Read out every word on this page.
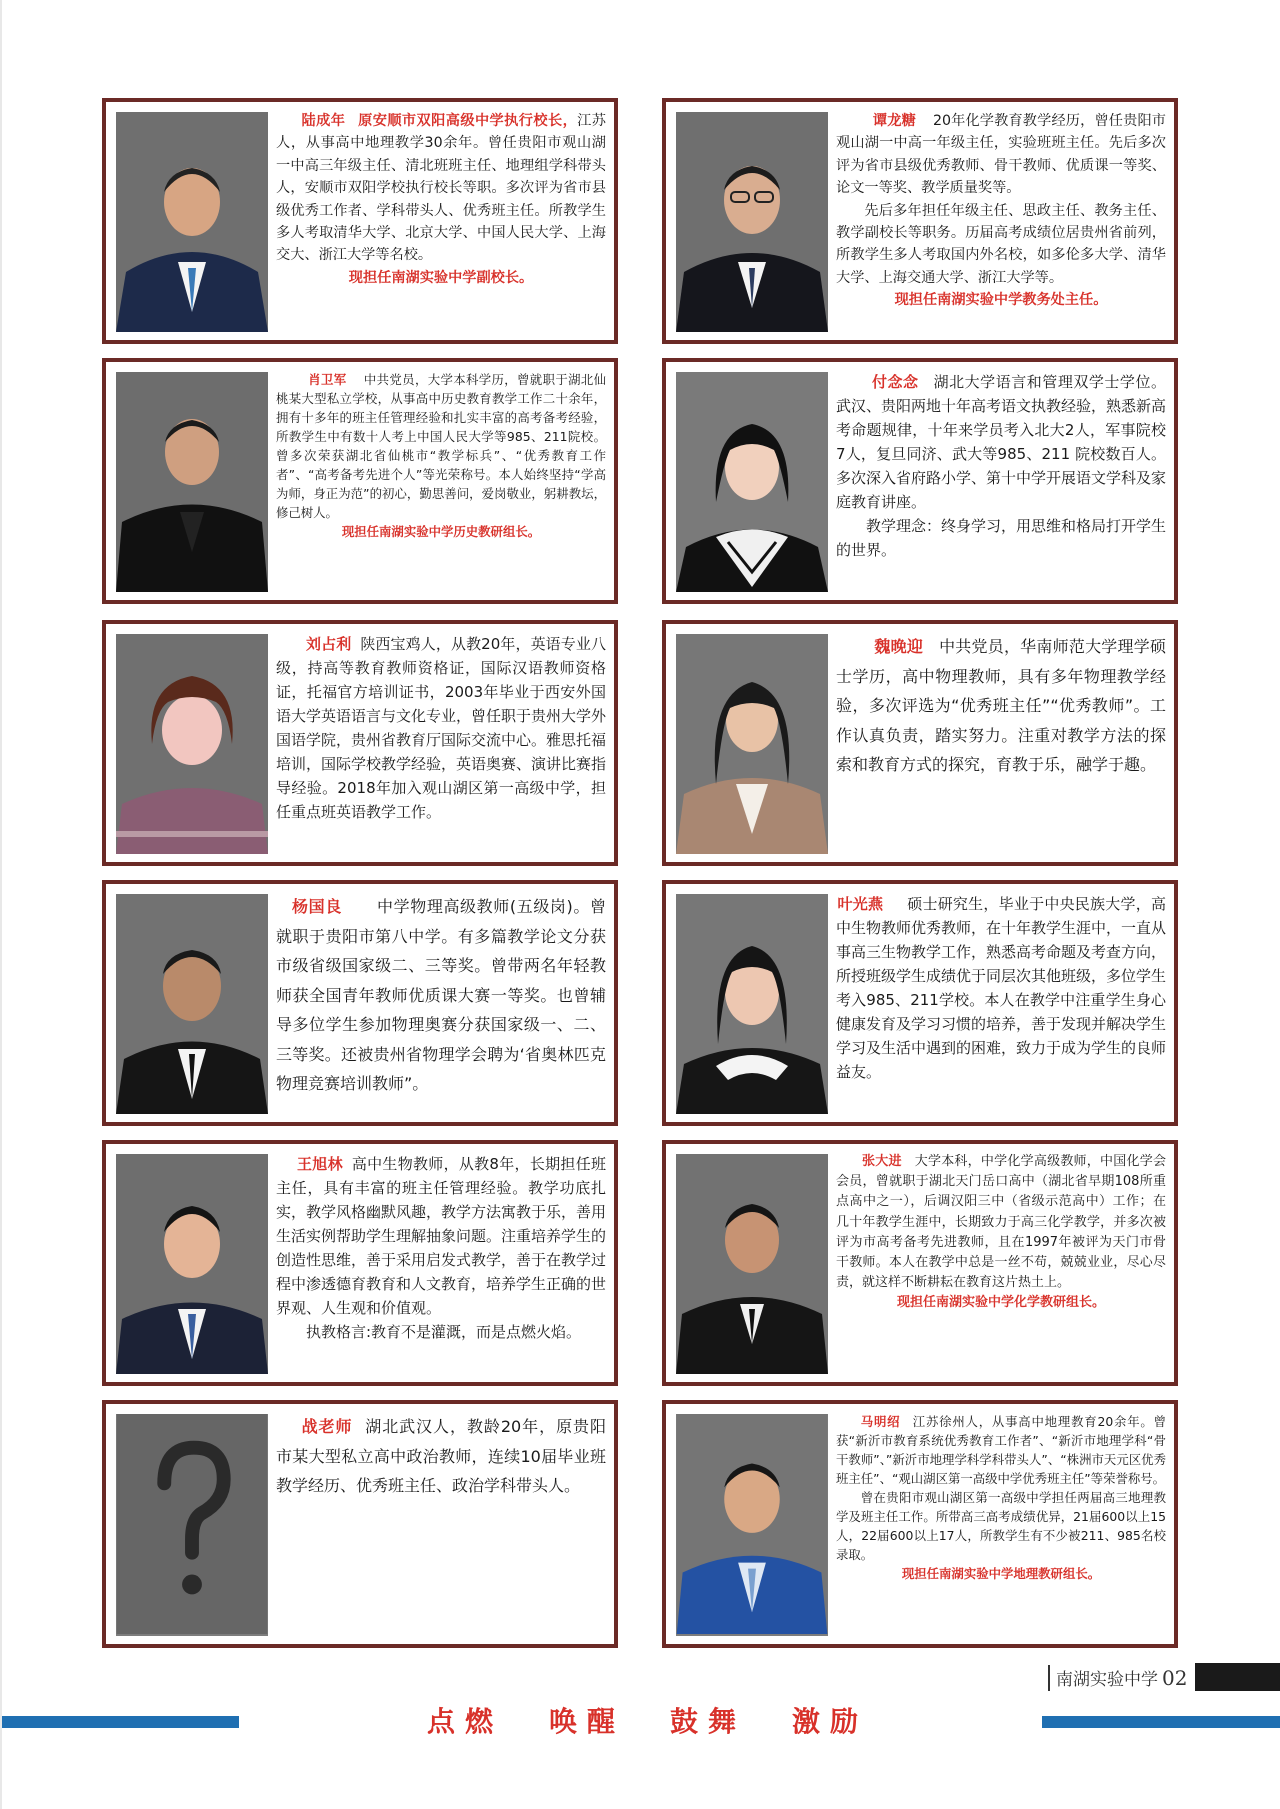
陆成年 原安顺市双阳高级中学执行校长，江苏人，从事高中地理教学30余年。曾任贵阳市观山湖一中高三年级主任、清北班班主任、地理组学科带头人，安顺市双阳学校执行校长等职。多次评为省市县级优秀工作者、学科带头人、优秀班主任。所教学生多人考取清华大学、北京大学、中国人民大学、上海交大、浙江大学等名校。
现担任南湖实验中学副校长。
谭龙糖 20年化学教育教学经历，曾任贵阳市观山湖一中高一年级主任，实验班班主任。先后多次评为省市县级优秀教师、骨干教师、优质课一等奖、论文一等奖、教学质量奖等。
先后多年担任年级主任、思政主任、教务主任、教学副校长等职务。历届高考成绩位居贵州省前列，所教学生多人考取国内外名校，如多伦多大学、清华大学、上海交通大学、浙江大学等。
现担任南湖实验中学教务处主任。
肖卫军 中共党员，大学本科学历，曾就职于湖北仙桃某大型私立学校，从事高中历史教育教学工作二十余年，拥有十多年的班主任管理经验和扎实丰富的高考备考经验，所教学生中有数十人考上中国人民大学等985、211院校。曾多次荣获湖北省仙桃市“教学标兵”、“优秀教育工作者”、“高考备考先进个人”等光荣称号。本人始终坚持“学高为师，身正为范”的初心，勤思善问，爱岗敬业，躬耕教坛，修己树人。
现担任南湖实验中学历史教研组长。
付念念 湖北大学语言和管理双学士学位。武汉、贵阳两地十年高考语文执教经验，熟悉新高考命题规律，十年来学员考入北大2人，军事院校7人，复旦同济、武大等985、211 院校数百人。多次深入省府路小学、第十中学开展语文学科及家庭教育讲座。
教学理念：终身学习，用思维和格局打开学生的世界。
刘占利 陕西宝鸡人，从教20年，英语专业八级，持高等教育教师资格证，国际汉语教师资格证，托福官方培训证书，2003年毕业于西安外国语大学英语语言与文化专业，曾任职于贵州大学外国语学院，贵州省教育厅国际交流中心。雅思托福培训，国际学校教学经验，英语奥赛、演讲比赛指导经验。2018年加入观山湖区第一高级中学，担任重点班英语教学工作。
魏晚迎 中共党员，华南师范大学理学硕士学历，高中物理教师，具有多年物理教学经验，多次评选为“优秀班主任”“优秀教师”。工作认真负责，踏实努力。注重对教学方法的探索和教育方式的探究，育教于乐，融学于趣。
杨国良 中学物理高级教师(五级岗)。曾就职于贵阳市第八中学。有多篇教学论文分获市级省级国家级二、三等奖。曾带两名年轻教师获全国青年教师优质课大赛一等奖。也曾辅导多位学生参加物理奥赛分获国家级一、二、三等奖。还被贵州省物理学会聘为‘省奥林匹克物理竞赛培训教师”。
叶光燕 硕士研究生，毕业于中央民族大学，高中生物教师优秀教师，在十年教学生涯中，一直从事高三生物教学工作，熟悉高考命题及考查方向，所授班级学生成绩优于同层次其他班级，多位学生考入985、211学校。本人在教学中注重学生身心健康发育及学习习惯的培养，善于发现并解决学生学习及生活中遇到的困难，致力于成为学生的良师益友。
王旭林 高中生物教师，从教8年，长期担任班主任，具有丰富的班主任管理经验。教学功底扎实，教学风格幽默风趣，教学方法寓教于乐，善用生活实例帮助学生理解抽象问题。注重培养学生的创造性思维，善于采用启发式教学，善于在教学过程中渗透德育教育和人文教育，培养学生正确的世界观、人生观和价值观。
执教格言:教育不是灌溉，而是点燃火焰。
张大进 大学本科，中学化学高级教师，中国化学会会员，曾就职于湖北天门岳口高中（湖北省早期108所重点高中之一），后调汉阳三中（省级示范高中）工作；在几十年教学生涯中，长期致力于高三化学教学，并多次被评为市高考备考先进教师，且在1997年被评为天门市骨干教师。本人在教学中总是一丝不苟，兢兢业业，尽心尽责，就这样不断耕耘在教育这片热土上。
现担任南湖实验中学化学教研组长。
战老师 湖北武汉人，教龄20年，原贵阳市某大型私立高中政治教师，连续10届毕业班教学经历、优秀班主任、政治学科带头人。
马明绍 江苏徐州人，从事高中地理教育20余年。曾获“新沂市教育系统优秀教育工作者”、“新沂市地理学科“骨干教师”、”新沂市地理学科学科带头人”、“株洲市天元区优秀班主任”、“观山湖区第一高级中学优秀班主任”等荣誉称号。
曾在贵阳市观山湖区第一高级中学担任两届高三地理教学及班主任工作。所带高三高考成绩优异，21届600以上15人，22届600以上17人，所教学生有不少被211、985名校录取。
现担任南湖实验中学地理教研组长。
南湖实验中学 02
点燃 唤醒 鼓舞 激励
